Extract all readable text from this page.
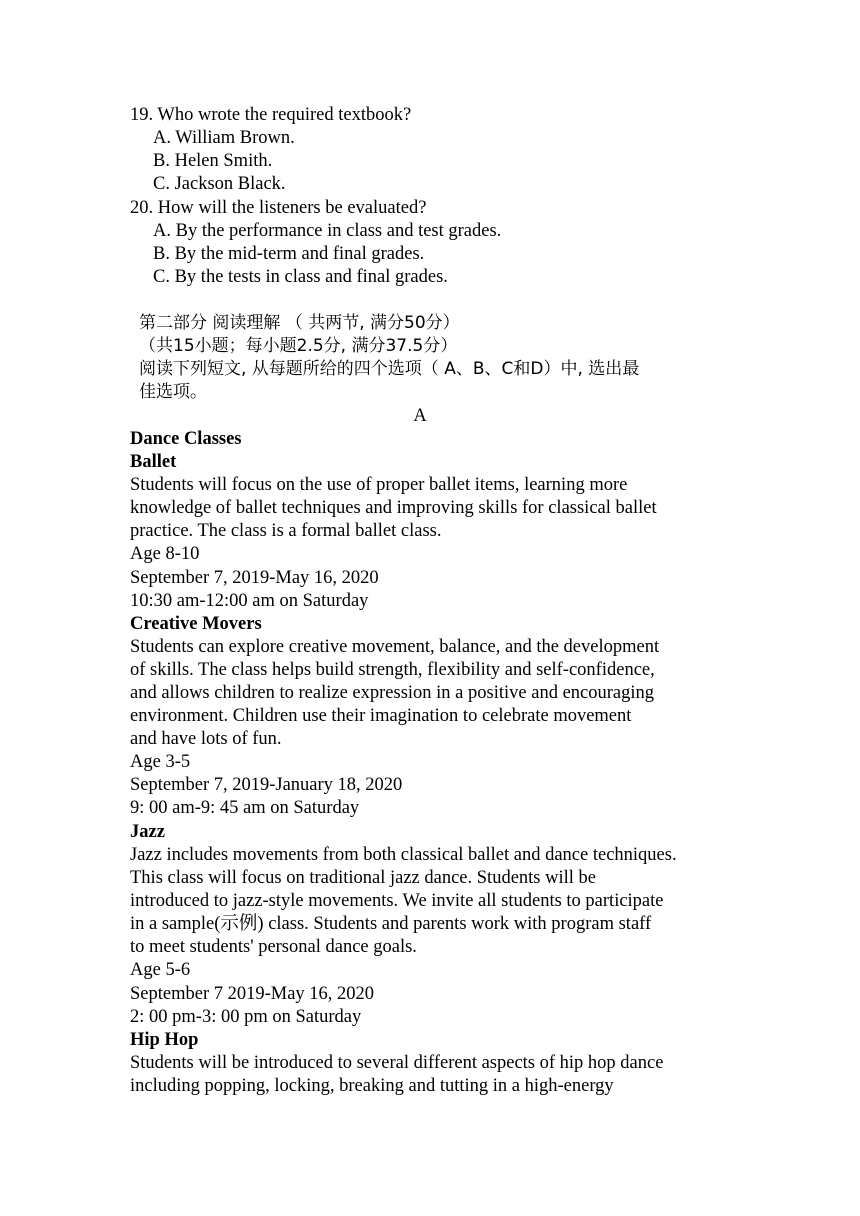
19. Who wrote the required textbook?
A. William Brown.
B. Helen Smith.
C. Jackson Black.
20. How will the listeners be evaluated?
A. By the performance in class and test grades.
B. By the mid-term and final grades.
C. By the tests in class and final grades.
第二部分 阅读理解 （ 共两节, 满分50分）
（共15小题；每小题2.5分, 满分37.5分）
阅读下列短文, 从每题所给的四个选项（ A、B、C和D）中, 选出最
佳选项。
A
Dance Classes
Ballet
Students will focus on the use of proper ballet items, learning more
knowledge of ballet techniques and improving skills for classical ballet
practice. The class is a formal ballet class.
Age 8-10
September 7, 2019-May 16, 2020
10:30 am-12:00 am on Saturday
Creative Movers
Students can explore creative movement, balance, and the development
of skills. The class helps build strength, flexibility and self-confidence,
and allows children to realize expression in a positive and encouraging
environment. Children use their imagination to celebrate movement
and have lots of fun.
Age 3-5
September 7, 2019-January 18, 2020
9: 00 am-9: 45 am on Saturday
Jazz
Jazz includes movements from both classical ballet and dance techniques.
This class will focus on traditional jazz dance. Students will be
introduced to jazz-style movements. We invite all students to participate
in a sample(示例) class. Students and parents work with program staff
to meet students' personal dance goals.
Age 5-6
September 7 2019-May 16, 2020
2: 00 pm-3: 00 pm on Saturday
Hip Hop
Students will be introduced to several different aspects of hip hop dance
including popping, locking, breaking and tutting in a high-energy
